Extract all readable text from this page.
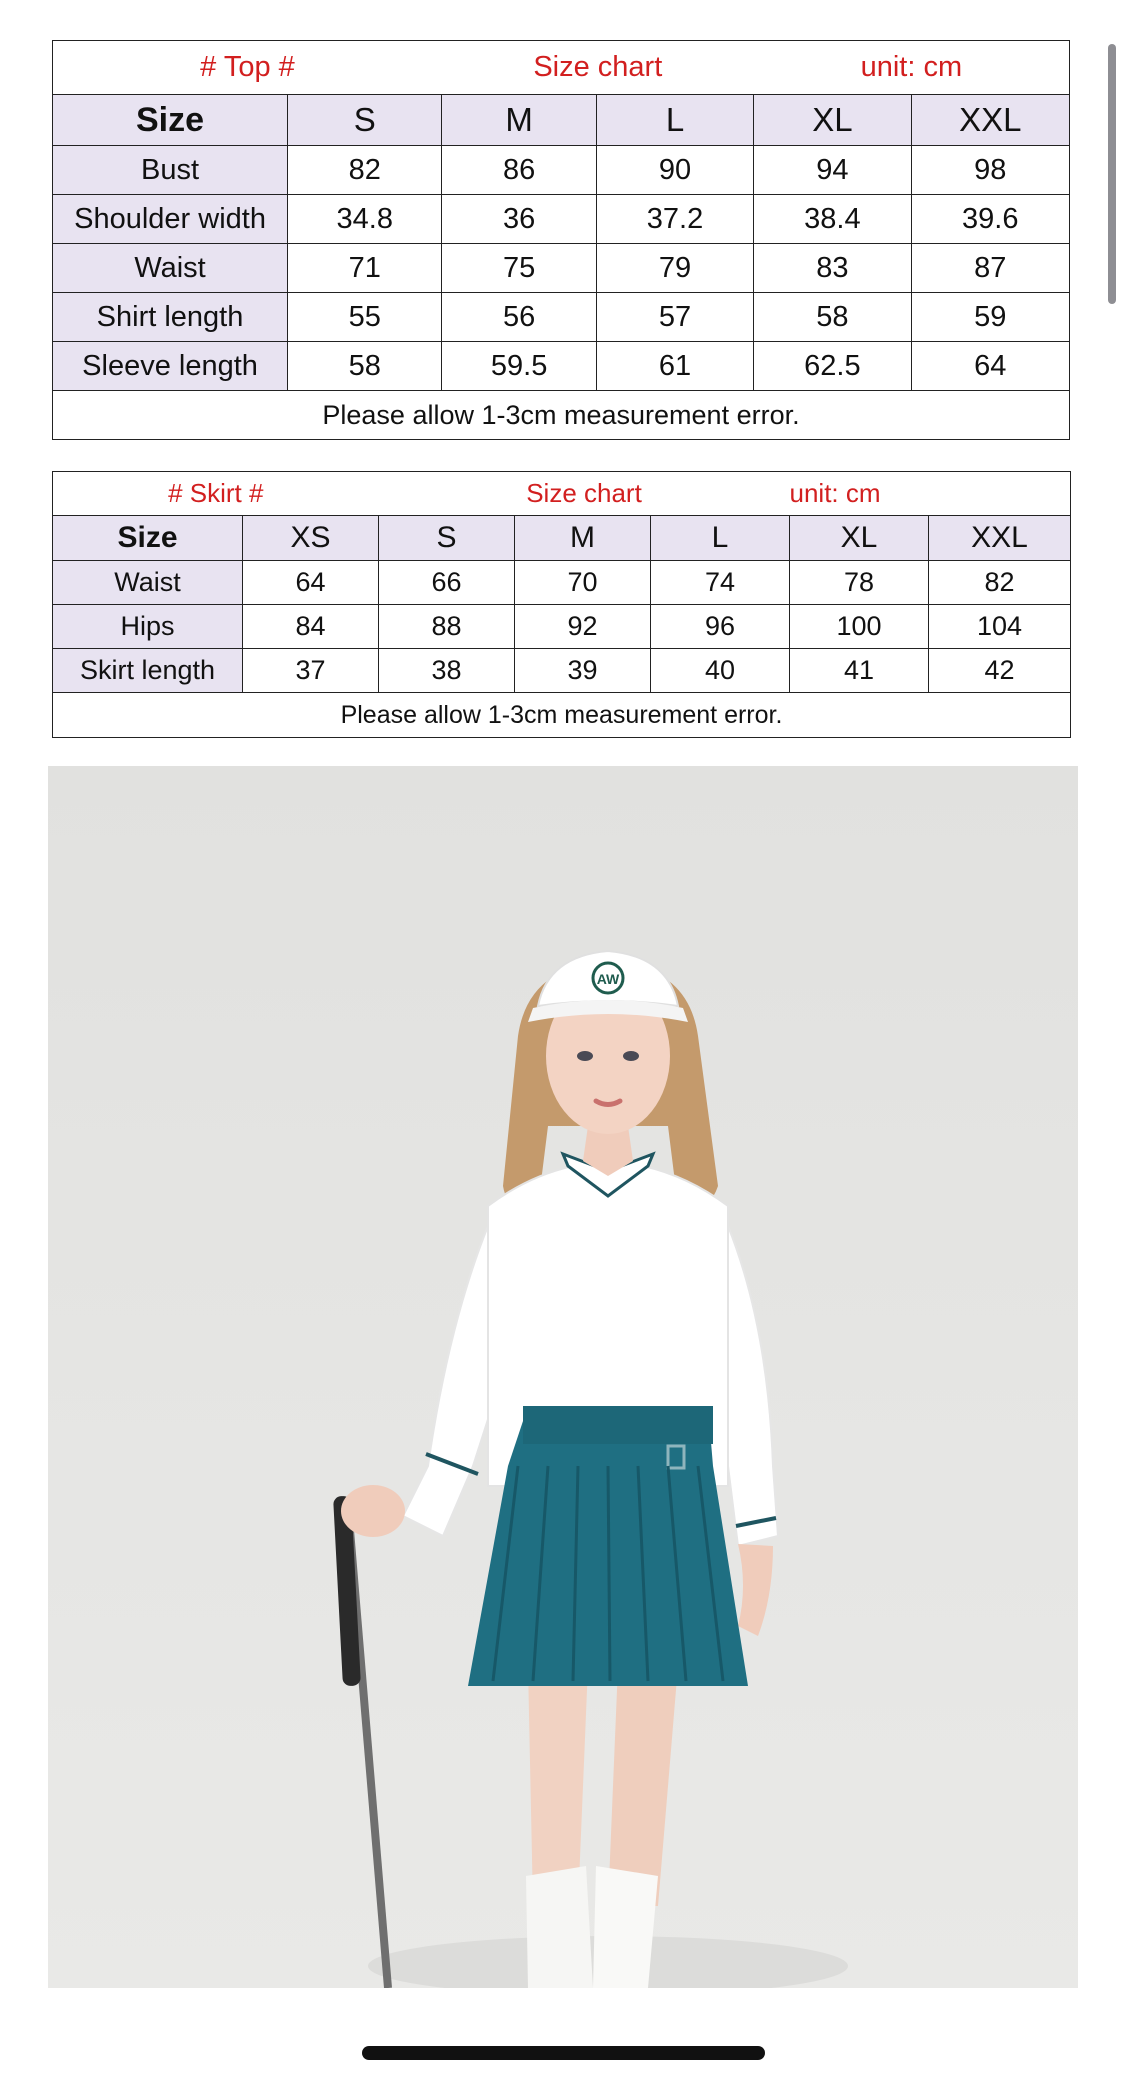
# Top #		Size chart		unit: cm	
Size	S	M	L	XL	XXL
Bust	82	86	90	94	98
Shoulder width	34.8	36	37.2	38.4	39.6
Waist	71	75	79	83	87
Shirt length	55	56	57	58	59
Sleeve length	58	59.5	61	62.5	64
Please allow 1-3cm measurement error.					
# Skirt #		Size chart			unit: cm	
Size	XS	S	M	L	XL	XXL
Waist	64	66	70	74	78	82
Hips	84	88	92	96	100	104
Skirt length	37	38	39	40	41	42
Please allow 1-3cm measurement error.						
AW
